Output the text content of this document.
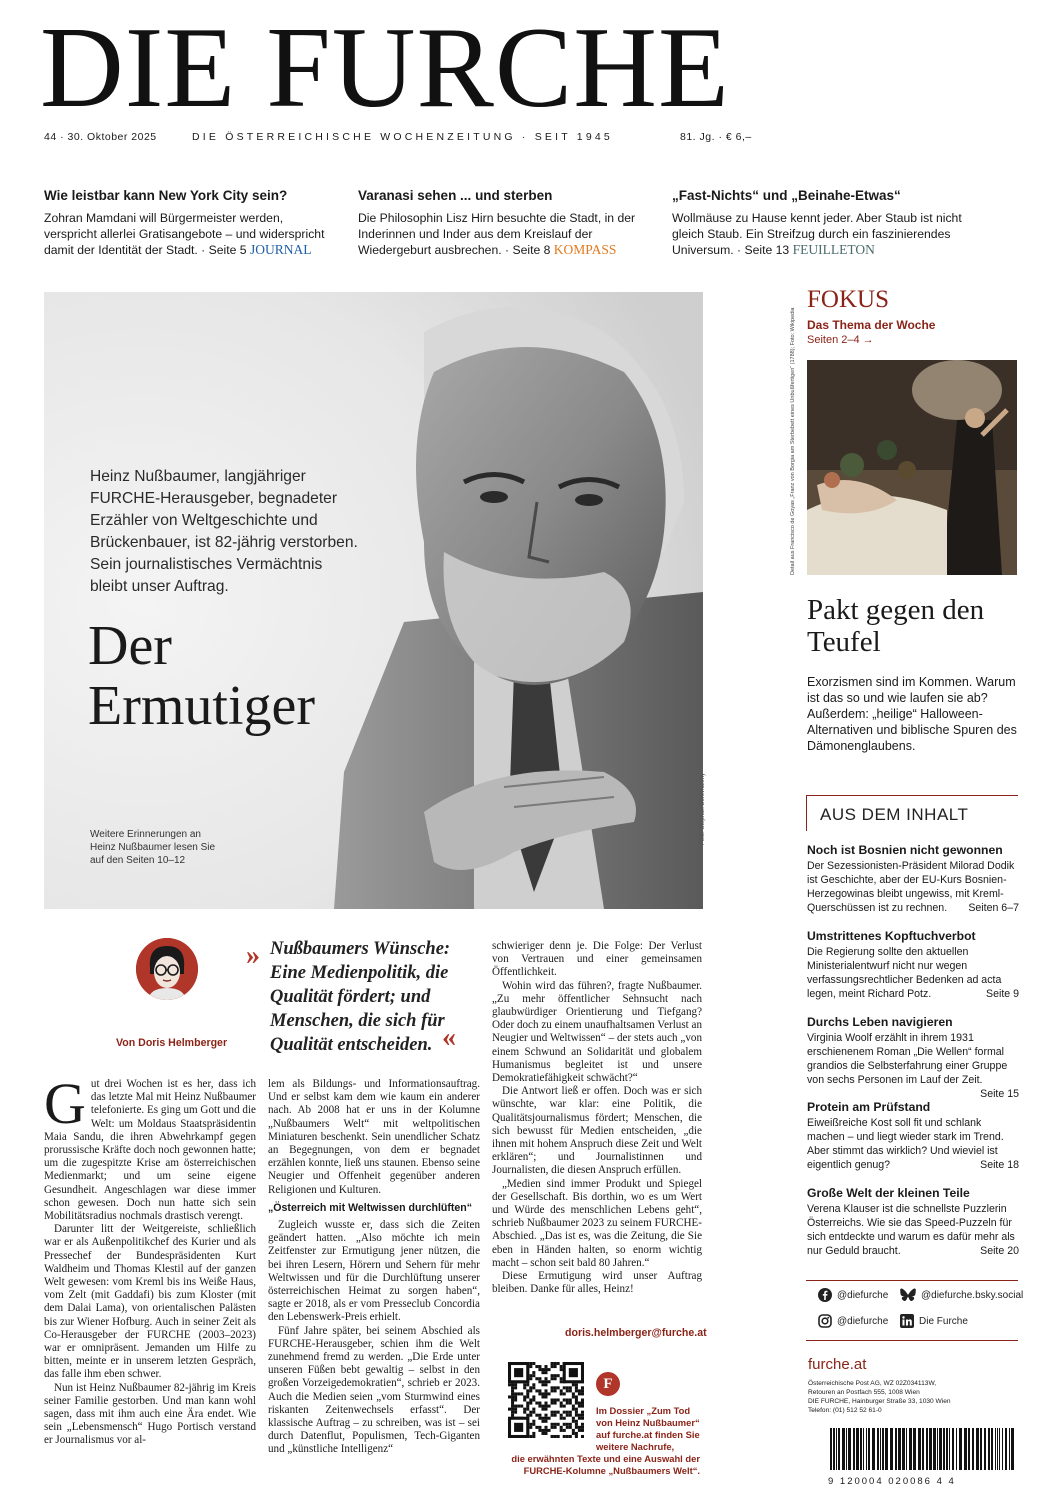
DIE FURCHE
44 · 30. Oktober 2025	DIE ÖSTERREICHISCHE WOCHENZEITUNG · SEIT 1945	81. Jg. · € 6,–
Wie leistbar kann New York City sein?

Zohran Mamdani will Bürgermeister werden, verspricht allerlei Gratisangebote – und widerspricht damit der Identität der Stadt. · Seite 5 JOURNAL

Varanasi sehen ... und sterben

Die Philosophin Lisz Hirn besuchte die Stadt, in der Inderinnen und Inder aus dem Kreislauf der Wiedergeburt ausbrechen. · Seite 8 KOMPASS

„Fast-Nichts“ und „Beinahe-Etwas“

Wollmäuse zu Hause kennt jeder. Aber Staub ist nicht gleich Staub. Ein Streifzug durch ein faszinierendes Universum. · Seite 13 FEUILLETON

Heinz Nußbaumer, langjähriger FURCHE-Herausgeber, begnadeter Erzähler von Weltgeschichte und Brückenbauer, ist 82-jährig verstorben. Sein journalistisches Vermächtnis bleibt unser Auftrag.
Der
Ermutiger
Weitere Erinnerungen an Heinz Nußbaumer lesen Sie auf den Seiten 10–12
Foto: Stephan Boroviczeny
FOKUS
Das Thema der Woche
Seiten 2–4 →
Detail aus Francisco de Goyas „Franz von Borgia am Sterbebett eines Unbußfertigen“ (1788); Foto: Wikipedia
Pakt gegen den Teufel
Exorzismen sind im Kommen. Warum ist das so und wie laufen sie ab? Außerdem: „heilige“ Halloween-Alternativen und biblische Spuren des Dämonenglaubens.
AUS DEM INHALT
Noch ist Bosnien nicht gewonnen

Der Sezessionisten-Präsident Milorad Dodik ist Geschichte, aber der EU-Kurs Bosnien-Herzegowinas bleibt ungewiss, mit Kreml-Querschüssen ist zu rechnen. Seiten 6–7

Umstrittenes Kopftuchverbot

Die Regierung sollte den aktuellen Ministerialentwurf nicht nur wegen verfassungsrechtlicher Bedenken ad acta legen, meint Richard Potz.	Seite 9

Durchs Leben navigieren

Virginia Woolf erzählt in ihrem 1931 erschienenem Roman „Die Wellen“ formal grandios die Selbsterfahrung einer Gruppe von sechs Personen im Lauf der Zeit.
Seite 15

Protein am Prüfstand

Eiweißreiche Kost soll fit und schlank machen – und liegt wieder stark im Trend. Aber stimmt das wirklich? Und wieviel ist eigentlich genug?	Seite 18

Große Welt der kleinen Teile

Verena Klauser ist die schnellste Puzzlerin Österreichs. Wie sie das Speed-Puzzeln für sich entdeckte und warum es dafür mehr als nur Geduld braucht.	Seite 20

@diefurche	@diefurche.bsky.social
@diefurche	Die Furche
furche.at
Österreichische Post AG, WZ 02Z034113W,
Retouren an Postfach 555, 1008 Wien
DIE FURCHE, Hainburger Straße 33, 1030 Wien
Telefon: (01) 512 52 61-0
9 120004 020086 4 4
Von Doris Helmberger
» Nußbaumers Wünsche: Eine Medienpolitik, die Qualität fördert; und Menschen, die sich für Qualität entscheiden. «

Gut drei Wochen ist es her, dass ich das letzte Mal mit Heinz Nußbaumer telefonierte. Es ging um Gott und die Welt: um Moldaus Staatspräsidentin Maia Sandu, die ihren Abwehrkampf gegen prorussische Kräfte doch noch gewonnen hatte; um die zugespitzte Krise am österreichischen Medienmarkt; und um seine eigene Gesundheit. Angeschlagen war diese immer schon gewesen. Doch nun hatte sich sein Mobilitätsradius nochmals drastisch verengt.

Darunter litt der Weitgereiste, schließlich war er als Außenpolitikchef des Kurier und als Pressechef der Bundespräsidenten Kurt Waldheim und Thomas Klestil auf der ganzen Welt gewesen: vom Kreml bis ins Weiße Haus, vom Zelt (mit Gaddafi) bis zum Kloster (mit dem Dalai Lama), von orientalischen Palästen bis zur Wiener Hofburg. Auch in seiner Zeit als Co-Herausgeber der FURCHE (2003–2023) war er omnipräsent. Jemanden um Hilfe zu bitten, meinte er in unserem letzten Gespräch, das falle ihm eben schwer.

Nun ist Heinz Nußbaumer 82-jährig im Kreis seiner Familie gestorben. Und man kann wohl sagen, dass mit ihm auch eine Ära endet. Wie sein „Lebensmensch“ Hugo Portisch verstand er Journalismus vor al-

lem als Bildungs- und Informationsauftrag. Und er selbst kam dem wie kaum ein anderer nach. Ab 2008 hat er uns in der Kolumne „Nußbaumers Welt“ mit weltpolitischen Miniaturen beschenkt. Sein unendlicher Schatz an Begegnungen, von dem er begnadet erzählen konnte, ließ uns staunen. Ebenso seine Neugier und Offenheit gegenüber anderen Religionen und Kulturen.

„Österreich mit Weltwissen durchlüften“

Zugleich wusste er, dass sich die Zeiten geändert hatten. „Also möchte ich mein Zeitfenster zur Ermutigung jener nützen, die bei ihren Lesern, Hörern und Sehern für mehr Weltwissen und für die Durchlüftung unserer österreichischen Heimat zu sorgen haben“, sagte er 2018, als er vom Presseclub Concordia den Lebenswerk-Preis erhielt.

Fünf Jahre später, bei seinem Abschied als FURCHE-Herausgeber, schien ihm die Welt zunehmend fremd zu werden. „Die Erde unter unseren Füßen bebt gewaltig – selbst in den großen Vorzeigedemokratien“, schrieb er 2023. Auch die Medien seien „vom Sturmwind eines riskanten Zeitenwechsels erfasst“. Der klassische Auftrag – zu schreiben, was ist – sei durch Datenflut, Populismen, Tech-Giganten und „künstliche Intelligenz“

schwieriger denn je. Die Folge: Der Verlust von Vertrauen und einer gemeinsamen Öffentlichkeit.

Wohin wird das führen?, fragte Nußbaumer. „Zu mehr öffentlicher Sehnsucht nach glaubwürdiger Orientierung und Tiefgang? Oder doch zu einem unaufhaltsamen Verlust an Neugier und Weltwissen“ – der stets auch „von einem Schwund an Solidarität und globalem Humanismus begleitet ist und unsere Demokratiefähigkeit schwächt?“

Die Antwort ließ er offen. Doch was er sich wünschte, war klar: eine Politik, die Qualitätsjournalismus fördert; Menschen, die sich bewusst für Medien entscheiden, „die ihnen mit hohem Anspruch diese Zeit und Welt erklären“; und Journalistinnen und Journalisten, die diesen Anspruch erfüllen.

„Medien sind immer Produkt und Spiegel der Gesellschaft. Bis dorthin, wo es um Wert und Würde des menschlichen Lebens geht“, schrieb Nußbaumer 2023 zu seinem FURCHE-Abschied. „Das ist es, was die Zeitung, die Sie eben in Händen halten, so enorm wichtig macht – schon seit bald 80 Jahren.“

Diese Ermutigung wird unser Auftrag bleiben. Danke für alles, Heinz!

doris.helmberger@furche.at
F
Im Dossier „Zum Tod von Heinz Nußbaumer“ auf furche.at finden Sie weitere Nachrufe,
die erwähnten Texte und eine Auswahl der FURCHE-Kolumne „Nußbaumers Welt“.
